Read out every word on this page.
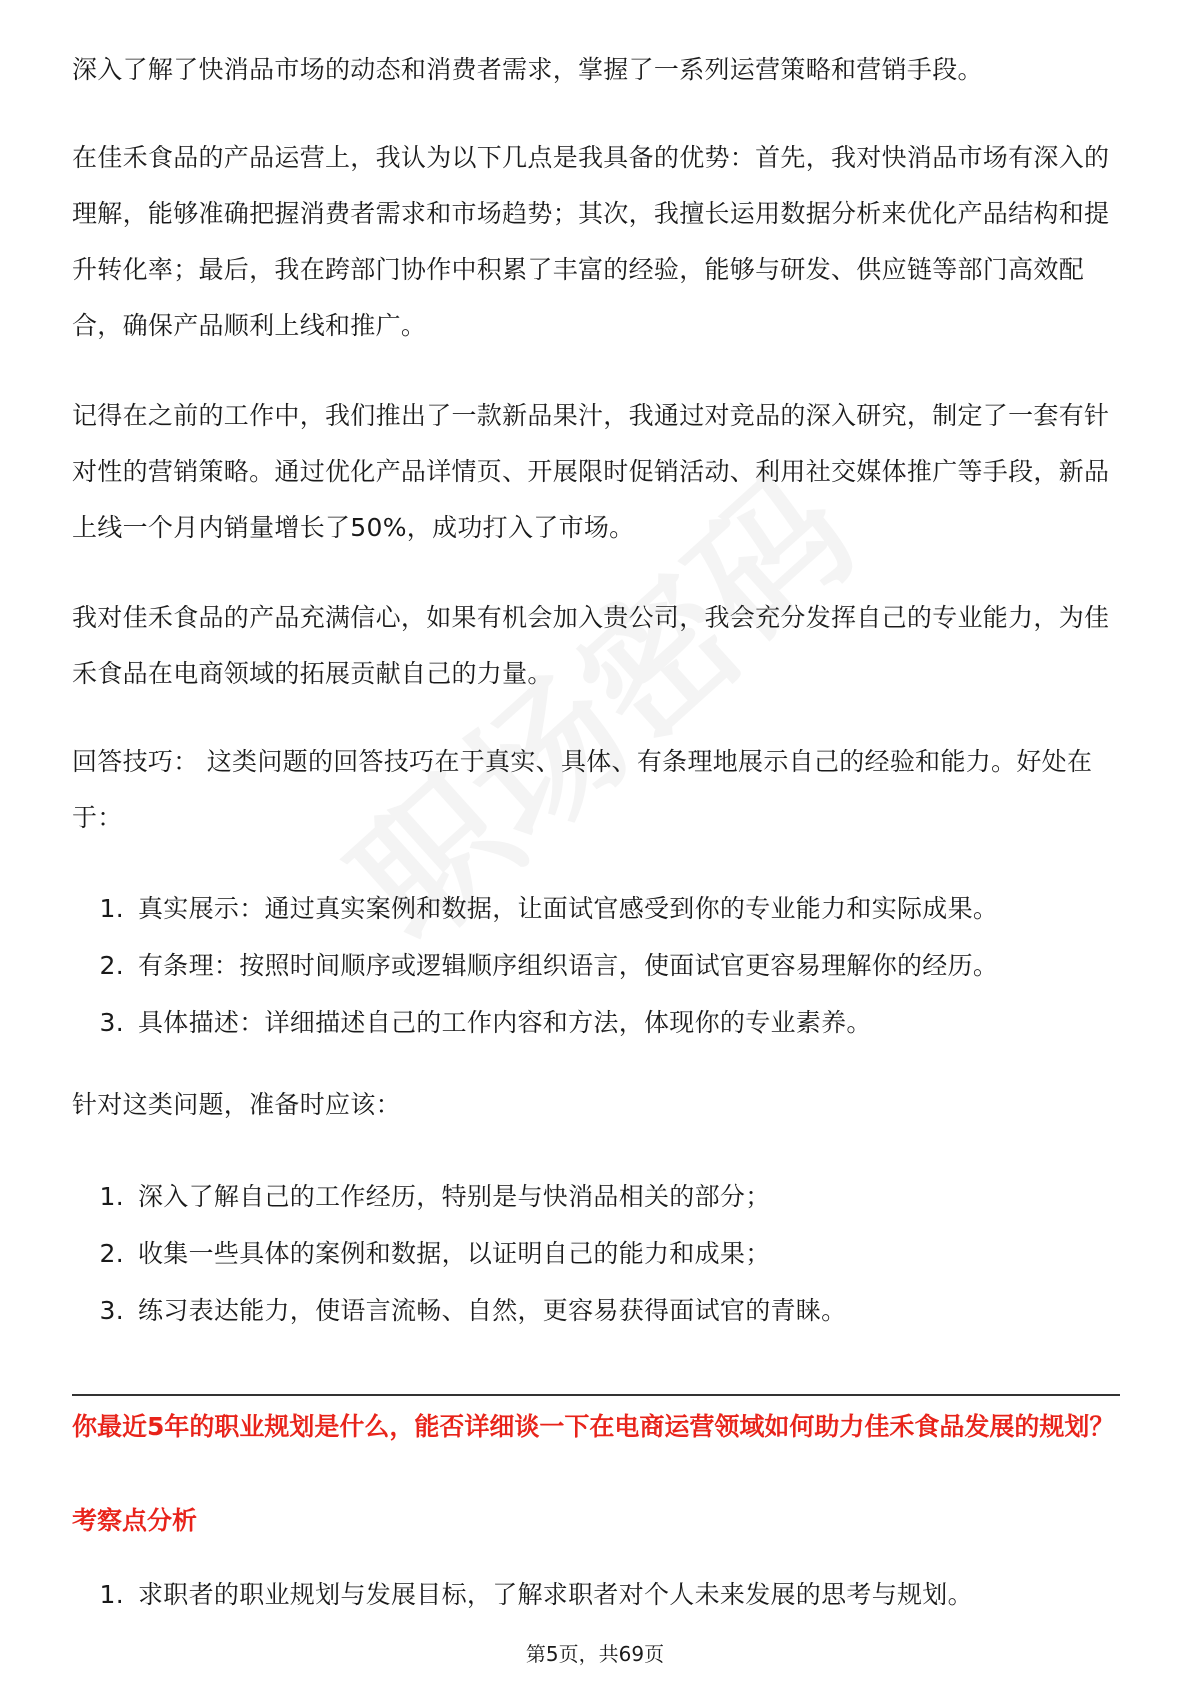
深入了解了快消品市场的动态和消费者需求，掌握了一系列运营策略和营销手段。

在佳禾食品的产品运营上，我认为以下几点是我具备的优势：首先，我对快消品市场有深入的理解，能够准确把握消费者需求和市场趋势；其次，我擅长运用数据分析来优化产品结构和提升转化率；最后，我在跨部门协作中积累了丰富的经验，能够与研发、供应链等部门高效配合，确保产品顺利上线和推广。

记得在之前的工作中，我们推出了一款新品果汁，我通过对竞品的深入研究，制定了一套有针对性的营销策略。通过优化产品详情页、开展限时促销活动、利用社交媒体推广等手段，新品上线一个月内销量增长了50%，成功打入了市场。

我对佳禾食品的产品充满信心，如果有机会加入贵公司，我会充分发挥自己的专业能力，为佳禾食品在电商领域的拓展贡献自己的力量。

回答技巧： 这类问题的回答技巧在于真实、具体、有条理地展示自己的经验和能力。好处在于：

1. 真实展示：通过真实案例和数据，让面试官感受到你的专业能力和实际成果。
2. 有条理：按照时间顺序或逻辑顺序组织语言，使面试官更容易理解你的经历。
3. 具体描述：详细描述自己的工作内容和方法，体现你的专业素养。

针对这类问题，准备时应该：

1. 深入了解自己的工作经历，特别是与快消品相关的部分；
2. 收集一些具体的案例和数据，以证明自己的能力和成果；
3. 练习表达能力，使语言流畅、自然，更容易获得面试官的青睐。
1. 求职者的职业规划与发展目标，了解求职者对个人未来发展的思考与规划。

你最近5年的职业规划是什么，能否详细谈一下在电商运营领域如何助力佳禾食品发展的规划？

考察点分析

第5页，共69页
